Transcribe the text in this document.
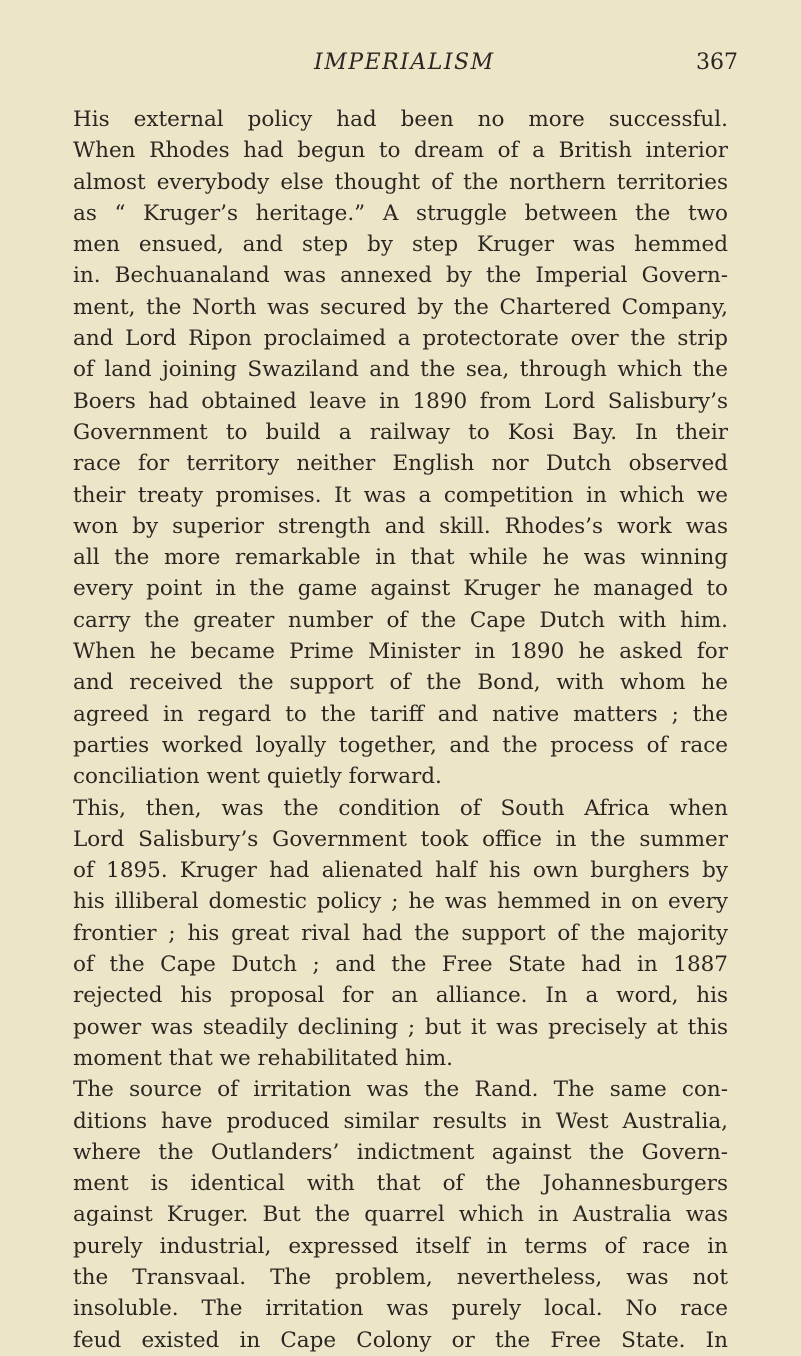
IMPERIALISM	367
His external policy had been no more successful.
When Rhodes had begun to dream of a British interior
almost everybody else thought of the northern territories
as “ Kruger’s heritage.” A struggle between the two
men ensued, and step by step Kruger was hemmed
in. Bechuanaland was annexed by the Imperial Govern-
ment, the North was secured by the Chartered Company,
and Lord Ripon proclaimed a protectorate over the strip
of land joining Swaziland and the sea, through which the
Boers had obtained leave in 1890 from Lord Salisbury’s
Government to build a railway to Kosi Bay. In their
race for territory neither English nor Dutch observed
their treaty promises. It was a competition in which we
won by superior strength and skill. Rhodes’s work was
all the more remarkable in that while he was winning
every point in the game against Kruger he managed to
carry the greater number of the Cape Dutch with him.
When he became Prime Minister in 1890 he asked for
and received the support of the Bond, with whom he
agreed in regard to the tariff and native matters ; the
parties worked loyally together, and the process of race
conciliation went quietly forward.
This, then, was the condition of South Africa when
Lord Salisbury’s Government took office in the summer
of 1895. Kruger had alienated half his own burghers by
his illiberal domestic policy ; he was hemmed in on every
frontier ; his great rival had the support of the majority
of the Cape Dutch ; and the Free State had in 1887
rejected his proposal for an alliance. In a word, his
power was steadily declining ; but it was precisely at this
moment that we rehabilitated him.
The source of irritation was the Rand. The same con-
ditions have produced similar results in West Australia,
where the Outlanders’ indictment against the Govern-
ment is identical with that of the Johannesburgers
against Kruger. But the quarrel which in Australia was
purely industrial, expressed itself in terms of race in
the Transvaal. The problem, nevertheless, was not
insoluble. The irritation was purely local. No race
feud existed in Cape Colony or the Free State. In
